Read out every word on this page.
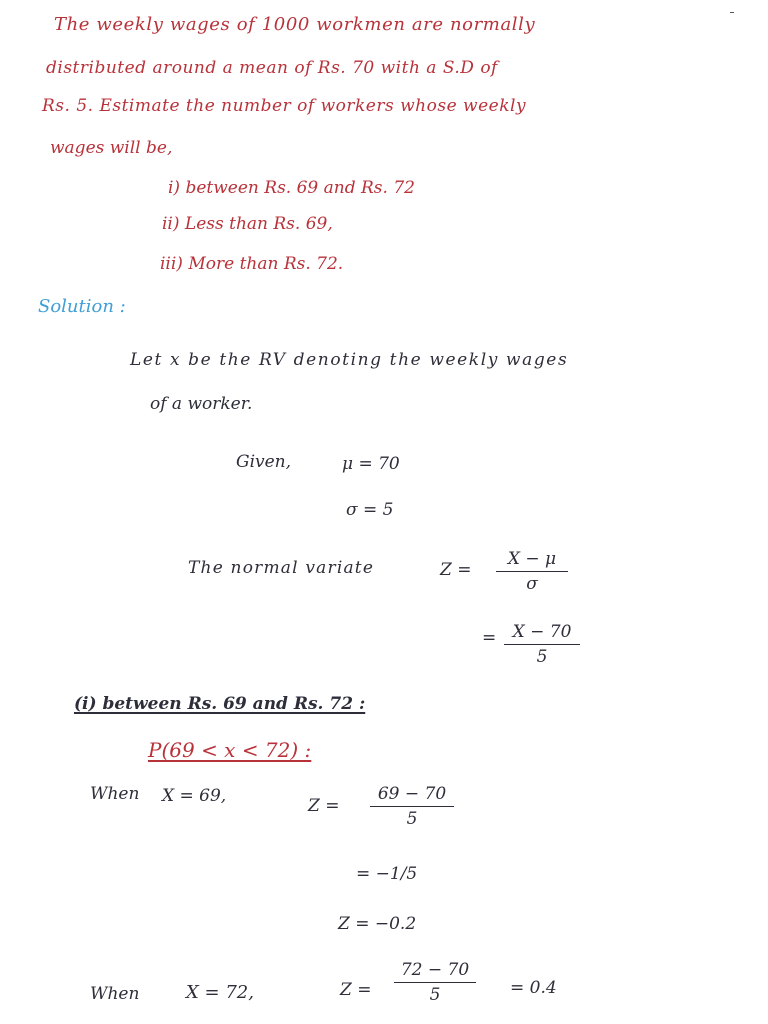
The weekly wages of 1000 workmen are normally
distributed around a mean of Rs. 70 with a S.D of
Rs. 5. Estimate the number of workers whose weekly
wages will be,
i) between Rs. 69 and Rs. 72
ii) Less than Rs. 69,
iii) More than Rs. 72.
Solution :
Let x be the RV denoting the weekly wages
of a worker.
Given,	μ = 70
σ = 5
The normal variate	Z =
X − μ
σ
= X − 70
5
(i) between Rs. 69 and Rs. 72 :
P(69 < x < 72) :
When X = 69,	Z =
69 − 70
5
= −1/5
Z = −0.2
When	X = 72,	Z =
72 − 70
5	= 0.4
